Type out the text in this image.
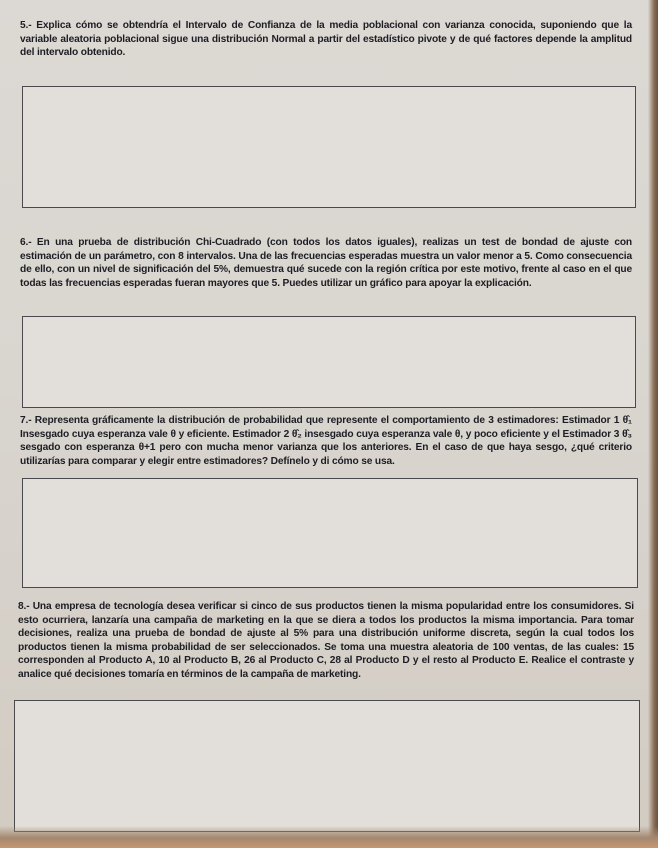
5.- Explica cómo se obtendría el Intervalo de Confianza de la media poblacional con varianza conocida, suponiendo que la variable aleatoria poblacional sigue una distribución Normal a partir del estadístico pivote y de qué factores depende la amplitud del intervalo obtenido.
6.- En una prueba de distribución Chi-Cuadrado (con todos los datos iguales), realizas un test de bondad de ajuste con estimación de un parámetro, con 8 intervalos. Una de las frecuencias esperadas muestra un valor menor a 5. Como consecuencia de ello, con un nivel de significación del 5%, demuestra qué sucede con la región crítica por este motivo, frente al caso en el que todas las frecuencias esperadas fueran mayores que 5. Puedes utilizar un gráfico para apoyar la explicación.
7.- Representa gráficamente la distribución de probabilidad que represente el comportamiento de 3 estimadores: Estimador 1 θ̂₁ Insesgado cuya esperanza vale θ y eficiente. Estimador 2 θ̂₂ insesgado cuya esperanza vale θ, y poco eficiente y el Estimador 3 θ̂₃ sesgado con esperanza θ+1 pero con mucha menor varianza que los anteriores. En el caso de que haya sesgo, ¿qué criterio utilizarías para comparar y elegir entre estimadores? Defínelo y di cómo se usa.
8.- Una empresa de tecnología desea verificar si cinco de sus productos tienen la misma popularidad entre los consumidores. Si esto ocurriera, lanzaría una campaña de marketing en la que se diera a todos los productos la misma importancia. Para tomar decisiones, realiza una prueba de bondad de ajuste al 5% para una distribución uniforme discreta, según la cual todos los productos tienen la misma probabilidad de ser seleccionados. Se toma una muestra aleatoria de 100 ventas, de las cuales: 15 corresponden al Producto A, 10 al Producto B, 26 al Producto C, 28 al Producto D y el resto al Producto E. Realice el contraste y analice qué decisiones tomaría en términos de la campaña de marketing.
